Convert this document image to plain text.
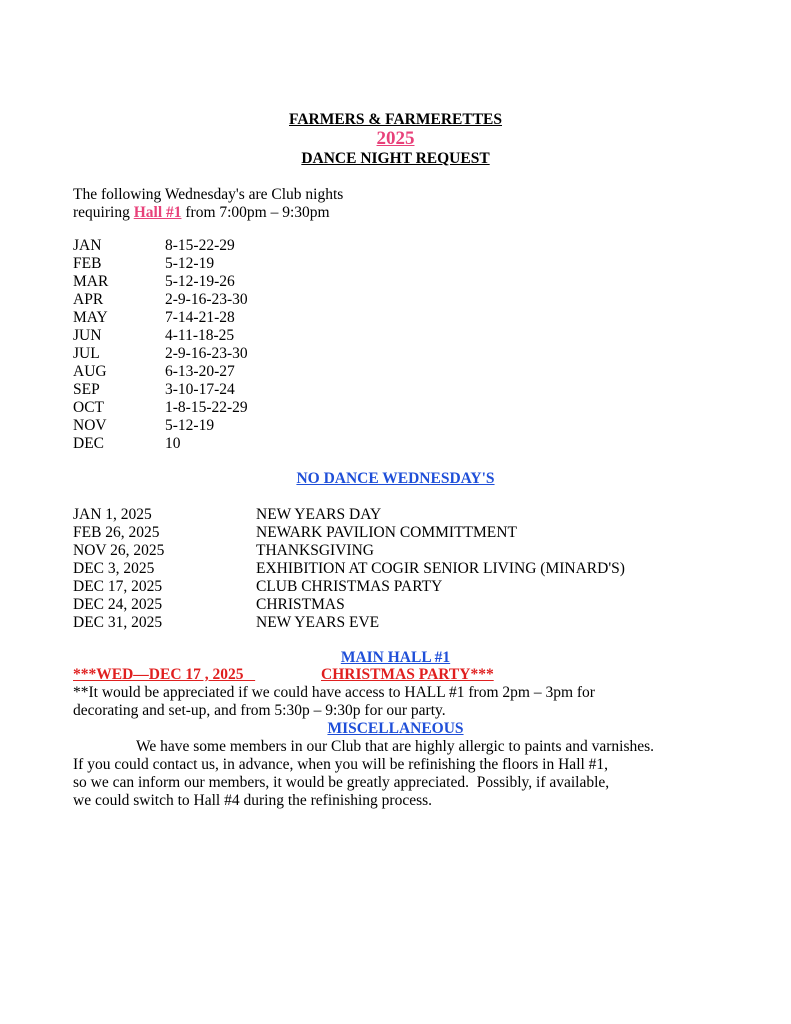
FARMERS & FARMERETTES
2025
DANCE NIGHT REQUEST
The following Wednesday's are Club nights
requiring Hall #1 from 7:00pm – 9:30pm
JAN	8-15-22-29
FEB	5-12-19
MAR	5-12-19-26
APR	2-9-16-23-30
MAY	7-14-21-28
JUN	4-11-18-25
JUL	2-9-16-23-30
AUG	6-13-20-27
SEP	3-10-17-24
OCT	1-8-15-22-29
NOV	5-12-19
DEC	10
NO DANCE WEDNESDAY'S
JAN 1, 2025	NEW YEARS DAY
FEB 26, 2025	NEWARK PAVILION COMMITTMENT
NOV 26, 2025	THANKSGIVING
DEC 3, 2025	EXHIBITION AT COGIR SENIOR LIVING (MINARD'S)
DEC 17, 2025	CLUB CHRISTMAS PARTY
DEC 24, 2025	CHRISTMAS
DEC 31, 2025	NEW YEARS EVE
MAIN HALL #1
***WED—DEC 17 , 2025	CHRISTMAS PARTY***
**It would be appreciated if we could have access to HALL #1 from 2pm – 3pm for
decorating and set-up, and from 5:30p – 9:30p for our party.
MISCELLANEOUS
We have some members in our Club that are highly allergic to paints and varnishes.
If you could contact us, in advance, when you will be refinishing the floors in Hall #1,
so we can inform our members, it would be greatly appreciated.  Possibly, if available,
we could switch to Hall #4 during the refinishing process.
